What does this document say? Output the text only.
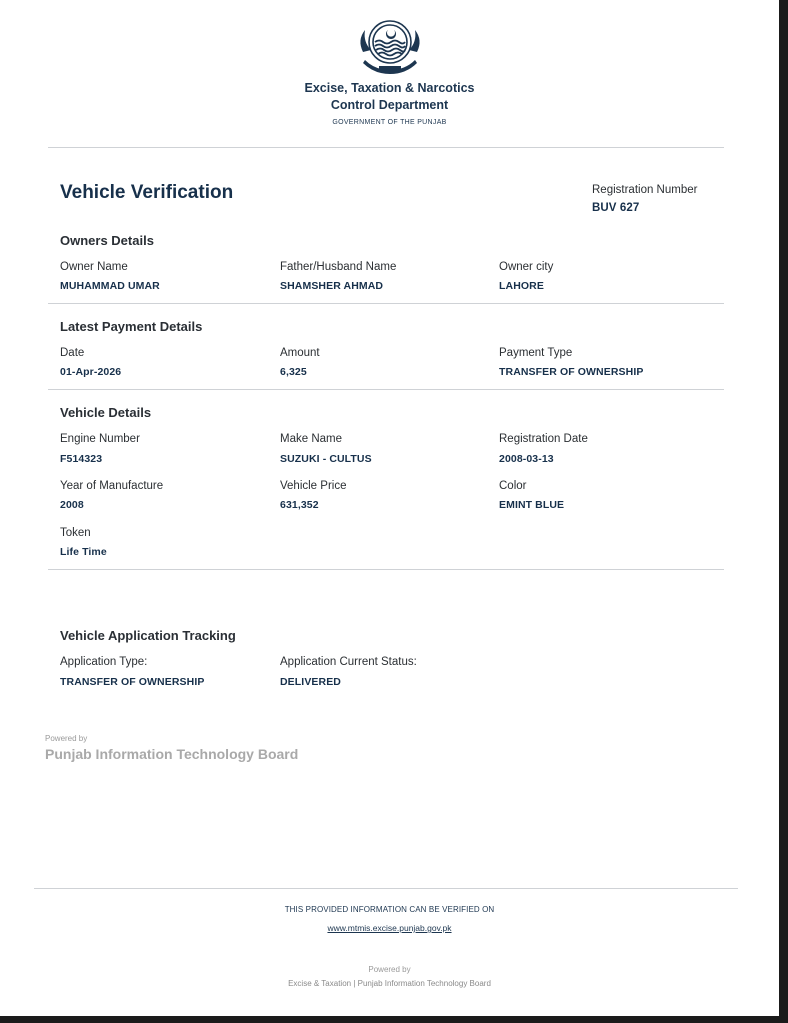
Excise, Taxation & Narcotics
Control Department
GOVERNMENT OF THE PUNJAB
Vehicle Verification	Registration Number
BUV 627
Owners Details
Owner Name
MUHAMMAD UMAR
Father/Husband Name
SHAMSHER AHMAD
Owner city
LAHORE
Latest Payment Details
Date
01-Apr-2026
Amount
6,325
Payment Type
TRANSFER OF OWNERSHIP
Vehicle Details
Engine Number
F514323
Make Name
SUZUKI - CULTUS
Registration Date
2008-03-13
Year of Manufacture
2008
Vehicle Price
631,352
Color
EMINT BLUE
Token
Life Time
Vehicle Application Tracking
Application Type:
TRANSFER OF OWNERSHIP
Application Current Status:
DELIVERED
Powered by
Punjab Information Technology Board
THIS PROVIDED INFORMATION CAN BE VERIFIED ON
www.mtmis.excise.punjab.gov.pk
Powered by
Excise & Taxation | Punjab Information Technology Board
